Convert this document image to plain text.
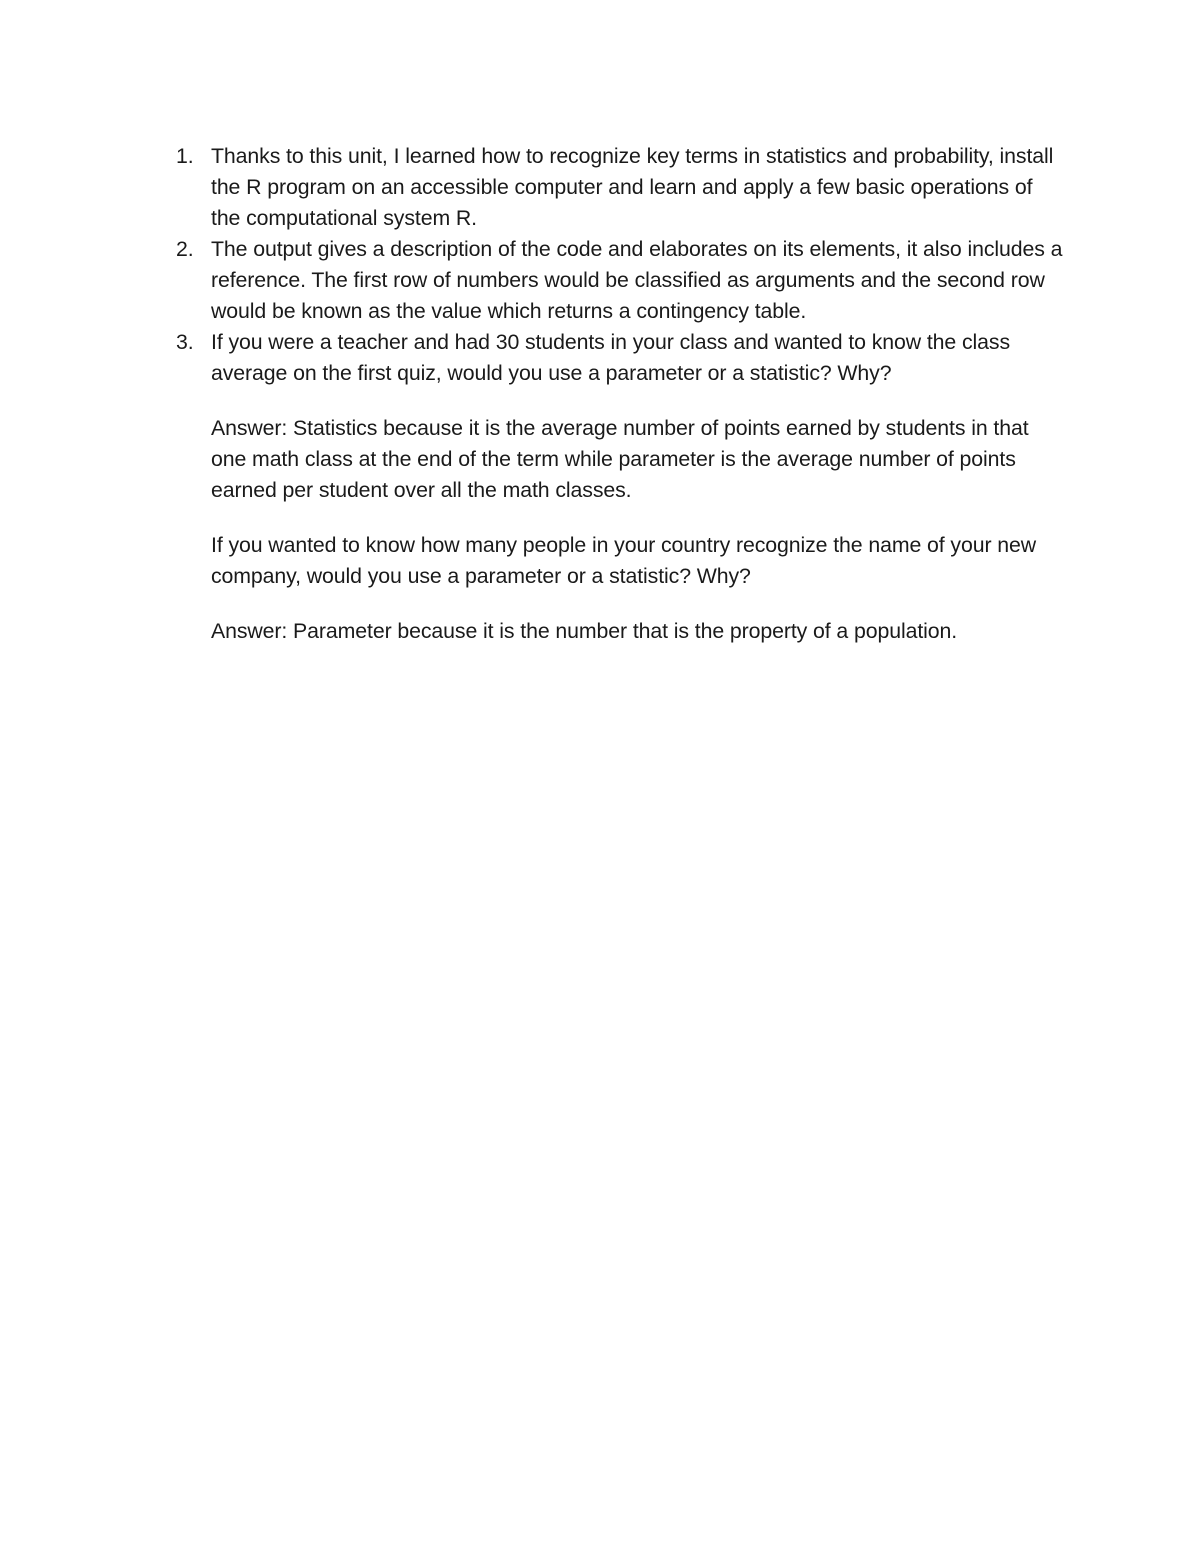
1. Thanks to this unit, I learned how to recognize key terms in statistics and probability, install the R program on an accessible computer and learn and apply a few basic operations of the computational system R.
2. The output gives a description of the code and elaborates on its elements, it also includes a reference. The first row of numbers would be classified as arguments and the second row would be known as the value which returns a contingency table.
3. If you were a teacher and had 30 students in your class and wanted to know the class average on the first quiz, would you use a parameter or a statistic? Why?
Answer: Statistics because it is the average number of points earned by students in that one math class at the end of the term while parameter is the average number of points earned per student over all the math classes.
If you wanted to know how many people in your country recognize the name of your new company, would you use a parameter or a statistic? Why?
Answer: Parameter because it is the number that is the property of a population.
